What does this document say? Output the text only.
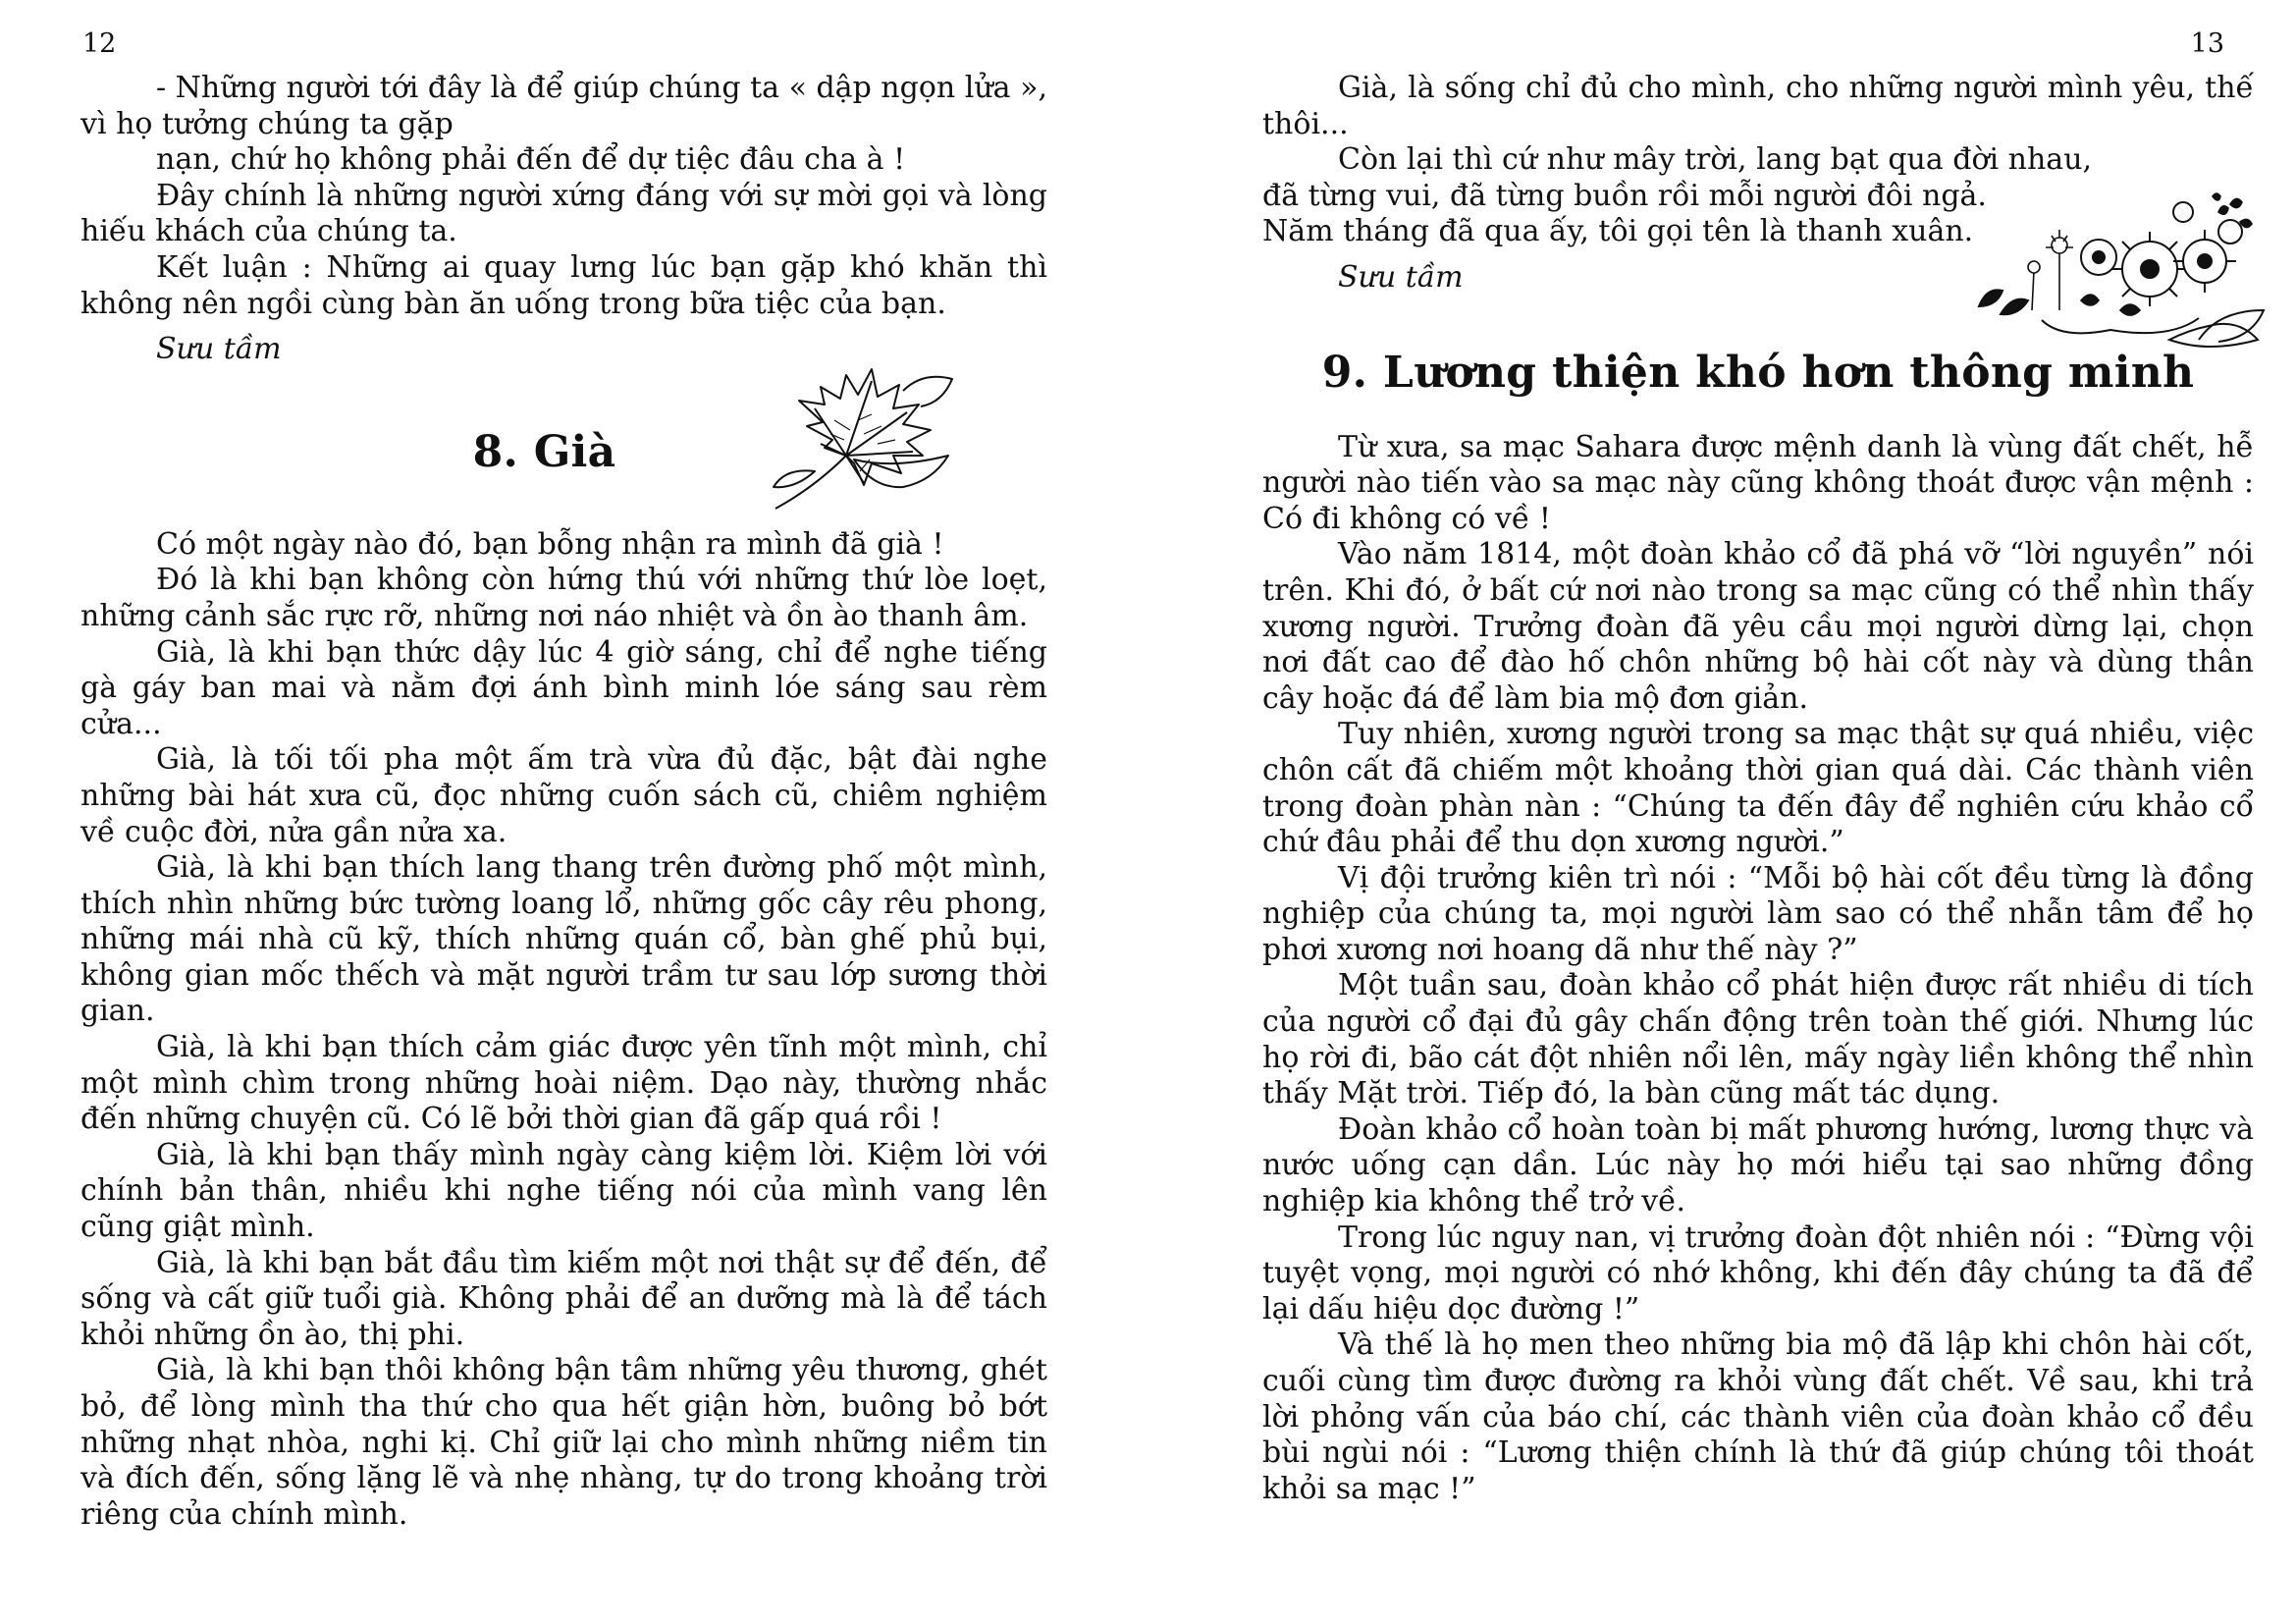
12

- Những người tới đây là để giúp chúng ta « dập ngọn lửa », vì họ tưởng chúng ta gặp

nạn, chứ họ không phải đến để dự tiệc đâu cha à !

Đây chính là những người xứng đáng với sự mời gọi và lòng hiếu khách của chúng ta.

Kết luận : Những ai quay lưng lúc bạn gặp khó khăn thì không nên ngồi cùng bàn ăn uống trong bữa tiệc của bạn.

Sưu tầm

8. Già

Có một ngày nào đó, bạn bỗng nhận ra mình đã già !

Đó là khi bạn không còn hứng thú với những thứ lòe loẹt, những cảnh sắc rực rỡ, những nơi náo nhiệt và ồn ào thanh âm.

Già, là khi bạn thức dậy lúc 4 giờ sáng, chỉ để nghe tiếng gà gáy ban mai và nằm đợi ánh bình minh lóe sáng sau rèm cửa...

Già, là tối tối pha một ấm trà vừa đủ đặc, bật đài nghe những bài hát xưa cũ, đọc những cuốn sách cũ, chiêm nghiệm về cuộc đời, nửa gần nửa xa.

Già, là khi bạn thích lang thang trên đường phố một mình, thích nhìn những bức tường loang lổ, những gốc cây rêu phong, những mái nhà cũ kỹ, thích những quán cổ, bàn ghế phủ bụi, không gian mốc thếch và mặt người trầm tư sau lớp sương thời gian.

Già, là khi bạn thích cảm giác được yên tĩnh một mình, chỉ một mình chìm trong những hoài niệm. Dạo này, thường nhắc đến những chuyện cũ. Có lẽ bởi thời gian đã gấp quá rồi !

Già, là khi bạn thấy mình ngày càng kiệm lời. Kiệm lời với chính bản thân, nhiều khi nghe tiếng nói của mình vang lên cũng giật mình.

Già, là khi bạn bắt đầu tìm kiếm một nơi thật sự để đến, để sống và cất giữ tuổi già. Không phải để an dưỡng mà là để tách khỏi những ồn ào, thị phi.

Già, là khi bạn thôi không bận tâm những yêu thương, ghét bỏ, để lòng mình tha thứ cho qua hết giận hờn, buông bỏ bớt những nhạt nhòa, nghi kị. Chỉ giữ lại cho mình những niềm tin và đích đến, sống lặng lẽ và nhẹ nhàng, tự do trong khoảng trời riêng của chính mình.

13

Già, là sống chỉ đủ cho mình, cho những người mình yêu, thế thôi...

Còn lại thì cứ như mây trời, lang bạt qua đời nhau,
đã từng vui, đã từng buồn rồi mỗi người đôi ngả.
Năm tháng đã qua ấy, tôi gọi tên là thanh xuân.

Sưu tầm

9. Lương thiện khó hơn thông minh

Từ xưa, sa mạc Sahara được mệnh danh là vùng đất chết, hễ người nào tiến vào sa mạc này cũng không thoát được vận mệnh : Có đi không có về !

Vào năm 1814, một đoàn khảo cổ đã phá vỡ “lời nguyền” nói trên. Khi đó, ở bất cứ nơi nào trong sa mạc cũng có thể nhìn thấy xương người. Trưởng đoàn đã yêu cầu mọi người dừng lại, chọn nơi đất cao để đào hố chôn những bộ hài cốt này và dùng thân cây hoặc đá để làm bia mộ đơn giản.

Tuy nhiên, xương người trong sa mạc thật sự quá nhiều, việc chôn cất đã chiếm một khoảng thời gian quá dài. Các thành viên trong đoàn phàn nàn : “Chúng ta đến đây để nghiên cứu khảo cổ chứ đâu phải để thu dọn xương người.”

Vị đội trưởng kiên trì nói : “Mỗi bộ hài cốt đều từng là đồng nghiệp của chúng ta, mọi người làm sao có thể nhẫn tâm để họ phơi xương nơi hoang dã như thế này ?”

Một tuần sau, đoàn khảo cổ phát hiện được rất nhiều di tích của người cổ đại đủ gây chấn động trên toàn thế giới. Nhưng lúc họ rời đi, bão cát đột nhiên nổi lên, mấy ngày liền không thể nhìn thấy Mặt trời. Tiếp đó, la bàn cũng mất tác dụng.

Đoàn khảo cổ hoàn toàn bị mất phương hướng, lương thực và nước uống cạn dần. Lúc này họ mới hiểu tại sao những đồng nghiệp kia không thể trở về.

Trong lúc nguy nan, vị trưởng đoàn đột nhiên nói : “Đừng vội tuyệt vọng, mọi người có nhớ không, khi đến đây chúng ta đã để lại dấu hiệu dọc đường !”

Và thế là họ men theo những bia mộ đã lập khi chôn hài cốt, cuối cùng tìm được đường ra khỏi vùng đất chết. Về sau, khi trả lời phỏng vấn của báo chí, các thành viên của đoàn khảo cổ đều bùi ngùi nói : “Lương thiện chính là thứ đã giúp chúng tôi thoát khỏi sa mạc !”
